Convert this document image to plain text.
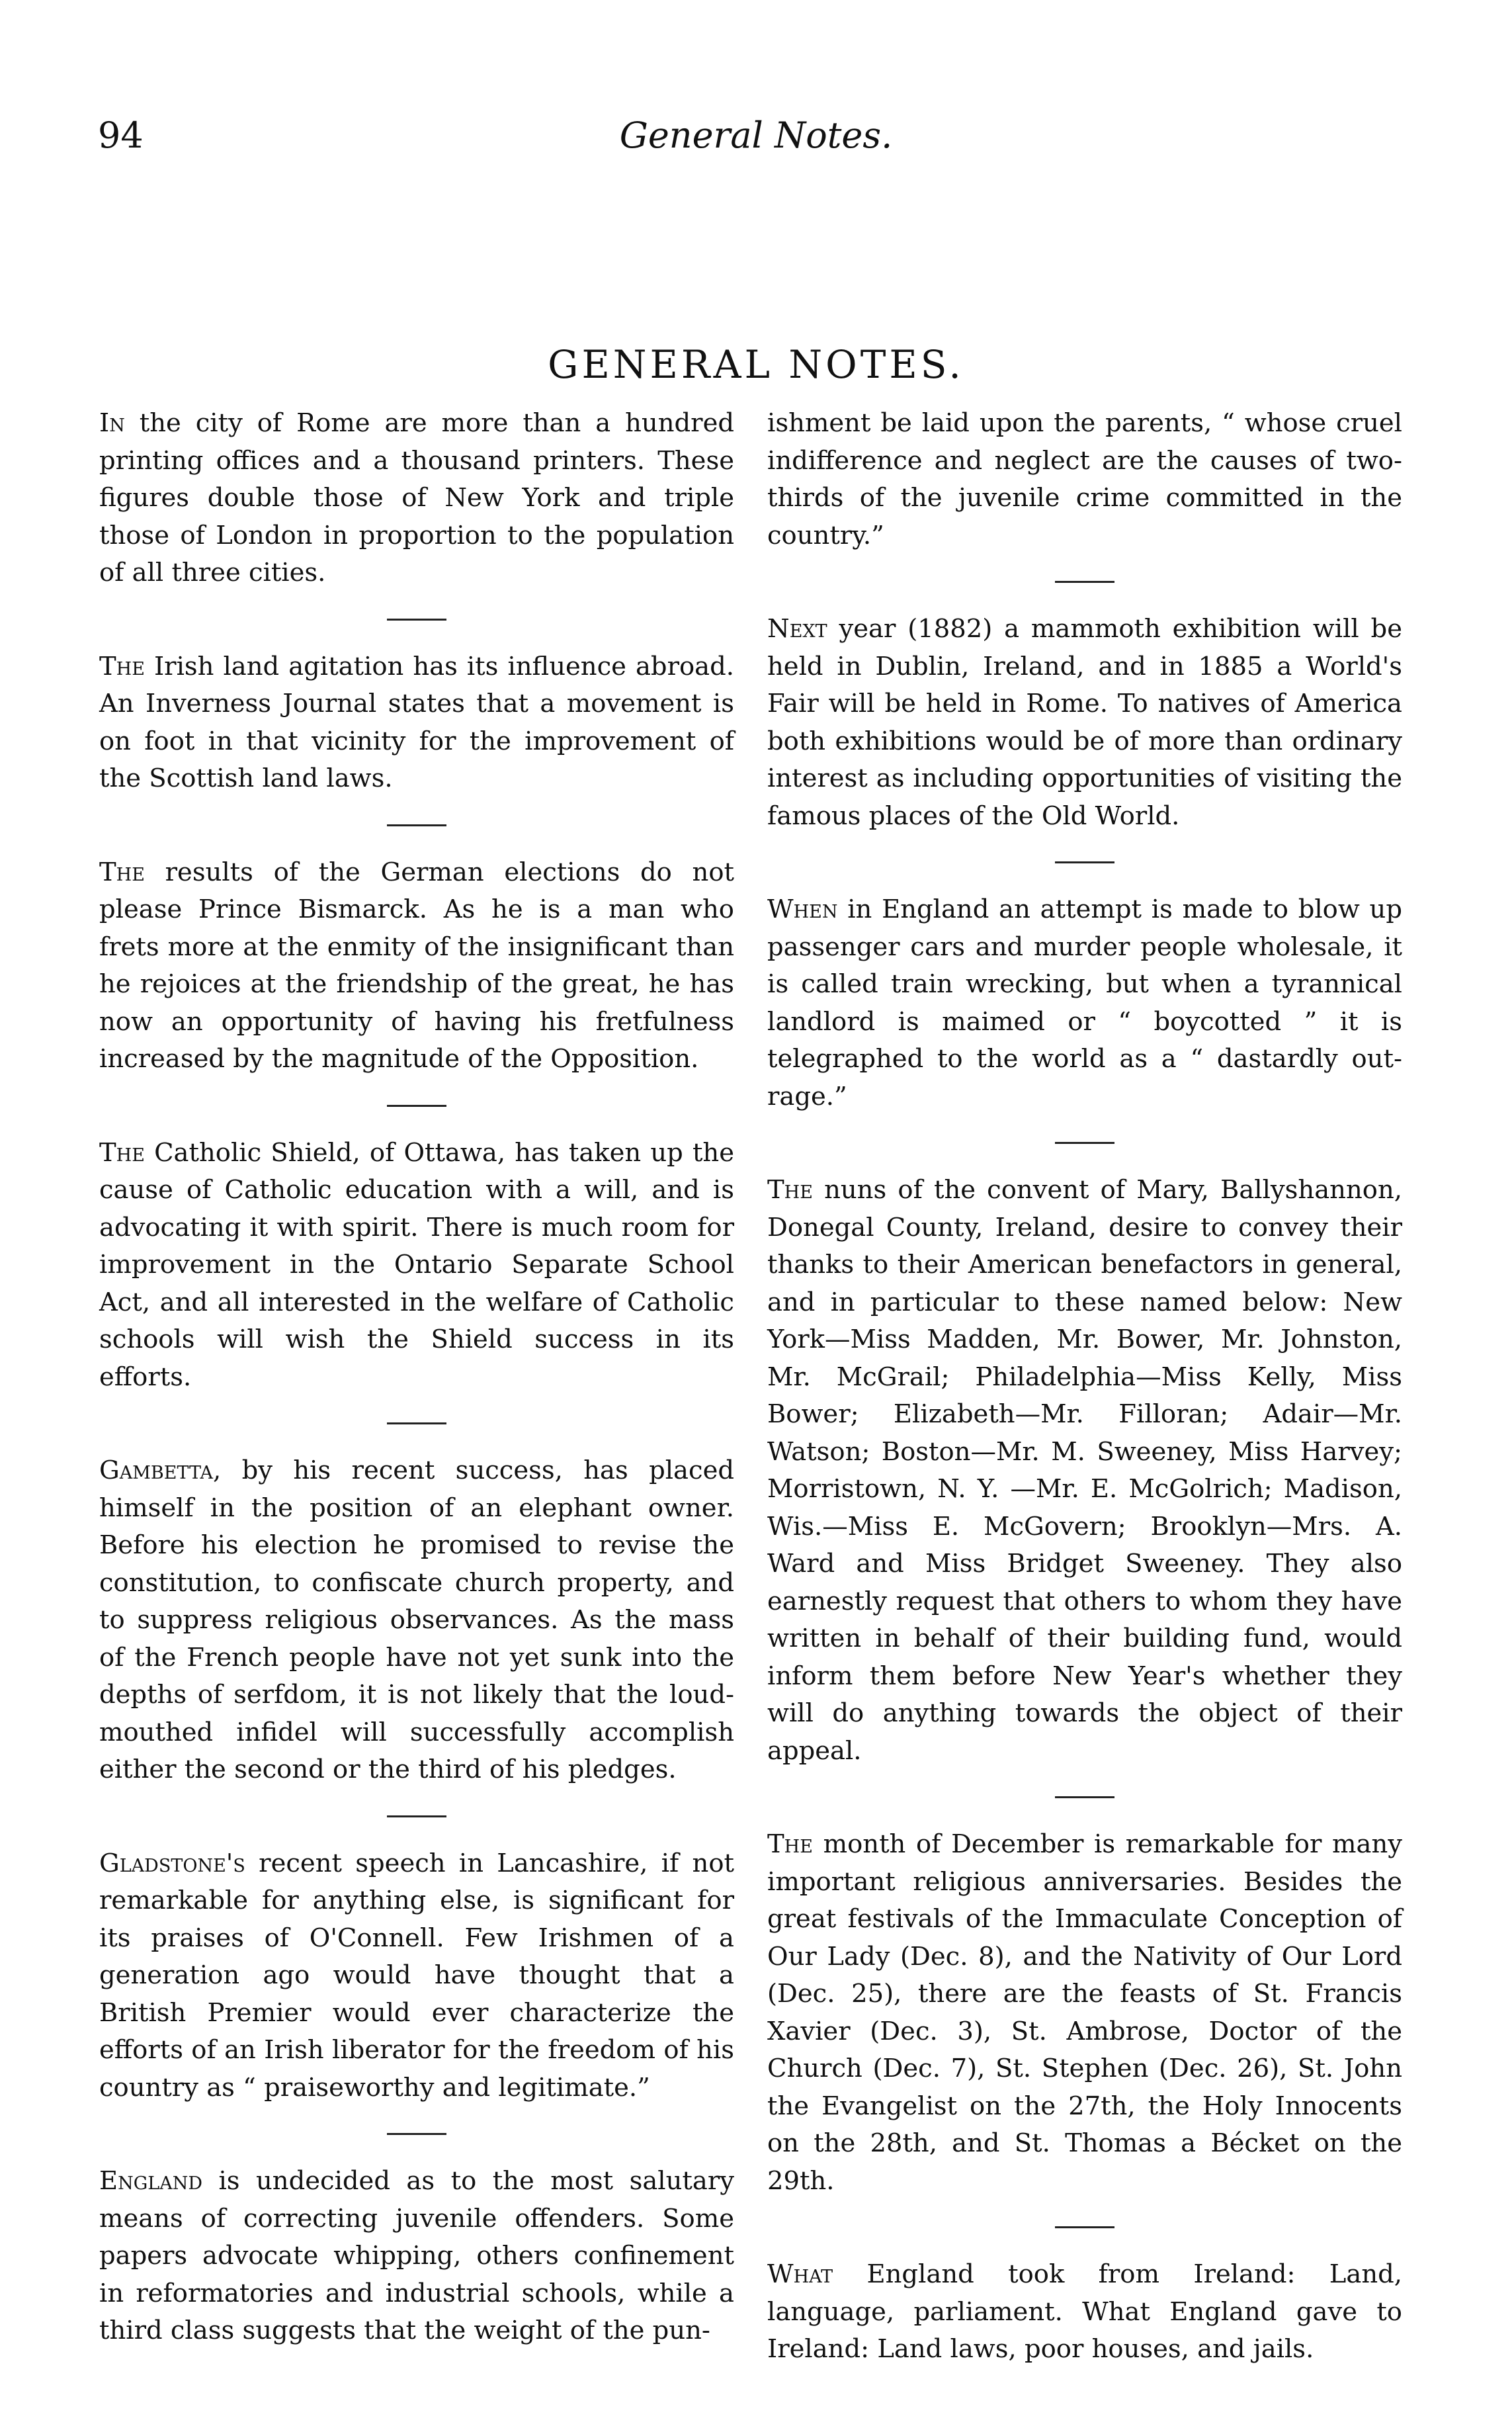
94	General Notes.
GENERAL NOTES.

In the city of Rome are more than a hundred printing offices and a thousand printers. These figures double those of New York and triple those of London in proportion to the population of all three cities.

The Irish land agitation has its influence abroad. An Inverness Journal states that a movement is on foot in that vicinity for the improvement of the Scottish land laws.

The results of the German elections do not please Prince Bismarck. As he is a man who frets more at the enmity of the insignificant than he rejoices at the friendship of the great, he has now an opportunity of having his fretfulness increased by the magnitude of the Opposition.

The Catholic Shield, of Ottawa, has taken up the cause of Catholic education with a will, and is advocating it with spirit. There is much room for improvement in the Ontario Separate School Act, and all interested in the welfare of Catholic schools will wish the Shield success in its efforts.

Gambetta, by his recent success, has placed himself in the position of an elephant owner. Before his election he promised to revise the constitution, to confiscate church property, and to suppress religious observances. As the mass of the French people have not yet sunk into the depths of serfdom, it is not likely that the loud-mouthed infidel will successfully accomplish either the second or the third of his pledges.

Gladstone's recent speech in Lancashire, if not remarkable for anything else, is significant for its praises of O'Connell. Few Irishmen of a generation ago would have thought that a British Premier would ever characterize the efforts of an Irish liberator for the freedom of his country as “ praiseworthy and legitimate.”

England is undecided as to the most salutary means of correcting juvenile offenders. Some papers advocate whipping, others confinement in reformatories and industrial schools, while a third class suggests that the weight of the pun-

ishment be laid upon the parents, “ whose cruel indifference and neglect are the causes of two-thirds of the juvenile crime committed in the country.”

Next year (1882) a mammoth exhibition will be held in Dublin, Ireland, and in 1885 a World's Fair will be held in Rome. To natives of America both exhibitions would be of more than ordinary interest as including opportunities of visiting the famous places of the Old World.

When in England an attempt is made to blow up passenger cars and murder people wholesale, it is called train wrecking, but when a tyrannical landlord is maimed or “ boycotted ” it is telegraphed to the world as a “ dastardly outrage.”

The nuns of the convent of Mary, Ballyshannon, Donegal County, Ireland, desire to convey their thanks to their American benefactors in general, and in particular to these named below: New York—Miss Madden, Mr. Bower, Mr. Johnston, Mr. McGrail; Philadelphia—Miss Kelly, Miss Bower; Elizabeth—Mr. Filloran; Adair—Mr. Watson; Boston—Mr. M. Sweeney, Miss Harvey; Morristown, N. Y. —Mr. E. McGolrich; Madison, Wis.—Miss E. McGovern; Brooklyn—Mrs. A. Ward and Miss Bridget Sweeney. They also earnestly request that others to whom they have written in behalf of their building fund, would inform them before New Year's whether they will do anything towards the object of their appeal.

The month of December is remarkable for many important religious anniversaries. Besides the great festivals of the Immaculate Conception of Our Lady (Dec. 8), and the Nativity of Our Lord (Dec. 25), there are the feasts of St. Francis Xavier (Dec. 3), St. Ambrose, Doctor of the Church (Dec. 7), St. Stephen (Dec. 26), St. John the Evangelist on the 27th, the Holy Innocents on the 28th, and St. Thomas a Bécket on the 29th.

What England took from Ireland: Land, language, parliament. What England gave to Ireland: Land laws, poor houses, and jails.
